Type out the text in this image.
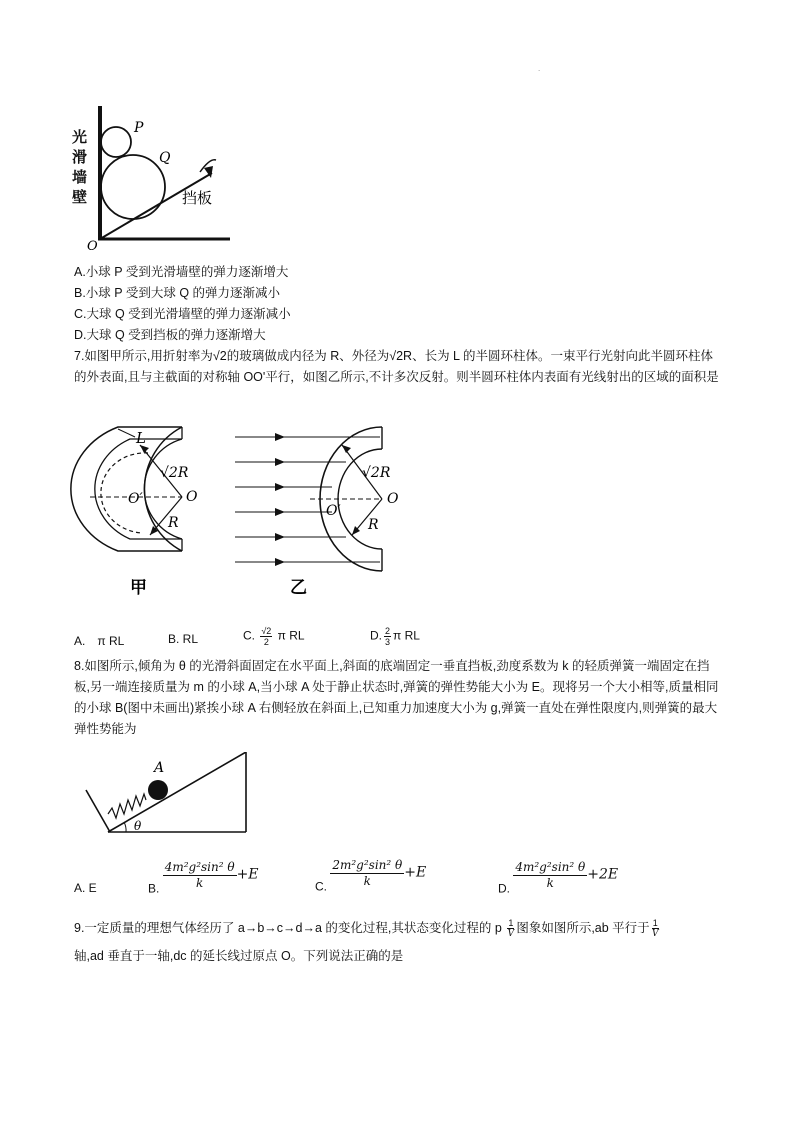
.
P
Q
挡板
O
光
滑
墙
壁
A.小球 P 受到光滑墙壁的弹力逐渐增大
B.小球 P 受到大球 Q 的弹力逐渐减小
C.大球 Q 受到光滑墙壁的弹力逐渐减小
D.大球 Q 受到挡板的弹力逐渐增大
7.如图甲所示,用折射率为√2的玻璃做成内径为 R、外径为√2R、长为 L 的半圆环柱体。一束平行光射向此半圆环柱体的外表面,且与主截面的对称轴 OO'平行，如图乙所示,不计多次反射。则半圆环柱体内表面有光线射出的区域的面积是
L
√2R
O
O′
R
甲
√2R
O
O′
R
乙
A.　π RL	B. RL	C. $\frac{√2}{2}$ π RL	D. $\frac{2}{3}$ π RL
8.如图所示,倾角为 θ 的光滑斜面固定在水平面上,斜面的底端固定一垂直挡板,劲度系数为 k 的轻质弹簧一端固定在挡板,另一端连接质量为 m 的小球 A,当小球 A 处于静止状态时,弹簧的弹性势能大小为 E。现将另一个大小相等,质量相同的小球 B(图中未画出)紧挨小球 A 右侧轻放在斜面上,已知重力加速度大小为 g,弹簧一直处在弹性限度内,则弹簧的最大弹性势能为
A
θ
A. E	B. $\frac{\text{4m²g²sin² θ}}{k} +E$
C. $\frac{\text{2m²g²sin² θ}}{k} +E$
D. $\frac{\text{4m²g²sin² θ}}{k} +2E$
9.一定质量的理想气体经历了 a→b→c→d→a 的变化过程,其状态变化过程的 p $\frac{1}{V}$ 图象如图所示,ab 平行于 $\frac{1}{V}$
轴,ad 垂直于一轴,dc 的延长线过原点 O。下列说法正确的是
